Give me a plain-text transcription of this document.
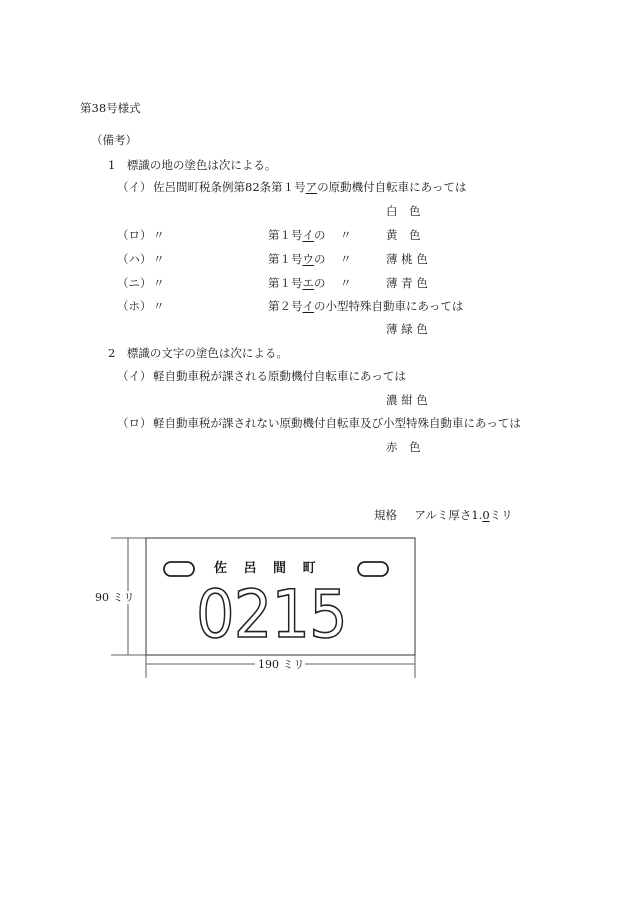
第38号様式
（備考）
1　標識の地の塗色は次による。
（イ） 佐呂間町税条例第82条第１号アの原動機付自転車にあっては
白　色
（ロ） 〃	第１号イの 〃	黄　色
（ハ） 〃	第１号ウの 〃	薄 桃 色
（ニ） 〃	第１号エの 〃	薄 青 色
（ホ） 〃	第２号イの小型特殊自動車にあっては
薄 緑 色
2　標識の文字の塗色は次による。
（イ） 軽自動車税が課される原動機付自転車にあっては
濃 紺 色
（ロ） 軽自動車税が課されない原動機付自転車及び小型特殊自動車にあっては
赤　色
規格 アルミ厚さ1.0ミリ
佐 呂 間 町
0215
90 ミリ
190 ミリ
